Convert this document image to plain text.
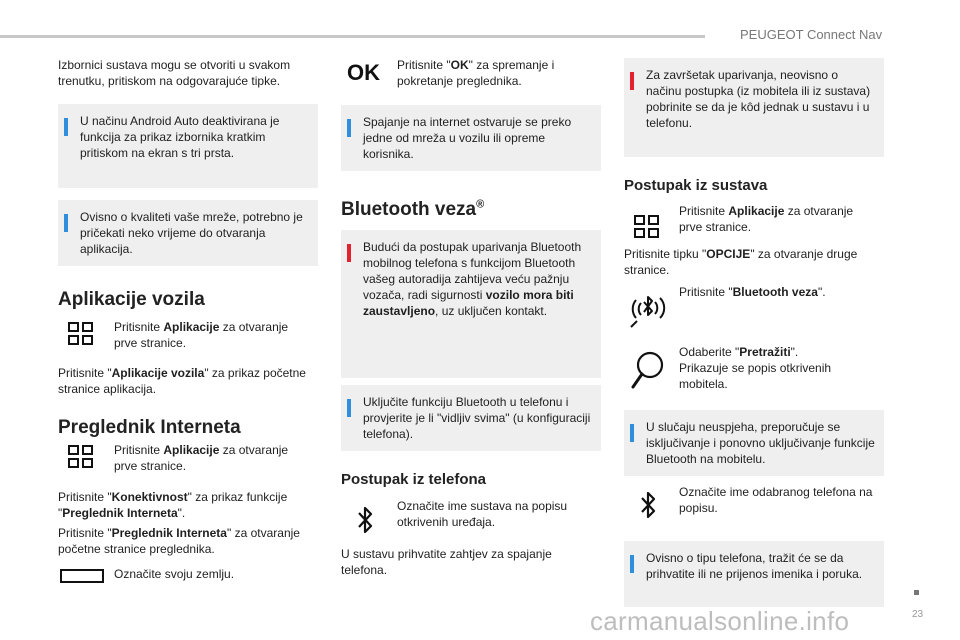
PEUGEOT Connect Nav
23

Izbornici sustava mogu se otvoriti u svakom trenutku, pritiskom na odgovarajuće tipke.

U načinu Android Auto deaktivirana je funkcija za prikaz izbornika kratkim pritiskom na ekran s tri prsta.
Ovisno o kvaliteti vaše mreže, potrebno je pričekati neko vrijeme do otvaranja aplikacija.
Aplikacije vozila

Pritisnite Aplikacije za otvaranje prve stranice.

Pritisnite "Aplikacije vozila" za prikaz početne stranice aplikacija.

Preglednik Interneta

Pritisnite Aplikacije za otvaranje prve stranice.

Pritisnite "Konektivnost" za prikaz funkcije "Preglednik Interneta".

Pritisnite "Preglednik Interneta" za otvaranje početne stranice preglednika.

Označite svoju zemlju.

OK Pritisnite "OK" za spremanje i pokretanje preglednika.

Spajanje na internet ostvaruje se preko jedne od mreža u vozilu ili opreme korisnika.
Bluetooth veza®
Budući da postupak uparivanja Bluetooth mobilnog telefona s funkcijom Bluetooth vašeg autoradija zahtijeva veću pažnju vozača, radi sigurnosti vozilo mora biti zaustavljeno, uz uključen kontakt.
Uključite funkciju Bluetooth u telefonu i provjerite je li "vidljiv svima" (u konfiguraciji telefona).
Postupak iz telefona

Označite ime sustava na popisu otkrivenih uređaja.

U sustavu prihvatite zahtjev za spajanje telefona.

Za završetak uparivanja, neovisno o načinu postupka (iz mobitela ili iz sustava) pobrinite se da je kôd jednak u sustavu i u telefonu.
Postupak iz sustava

Pritisnite Aplikacije za otvaranje prve stranice.

Pritisnite tipku "OPCIJE" za otvaranje druge stranice.

Pritisnite "Bluetooth veza".

Odaberite "Pretražiti".
Prikazuje se popis otkrivenih mobitela.

U slučaju neuspjeha, preporučuje se isključivanje i ponovno uključivanje funkcije Bluetooth na mobitelu.

Označite ime odabranog telefona na popisu.

Ovisno o tipu telefona, tražit će se da prihvatite ili ne prijenos imenika i poruka.
carmanualsonline.info
